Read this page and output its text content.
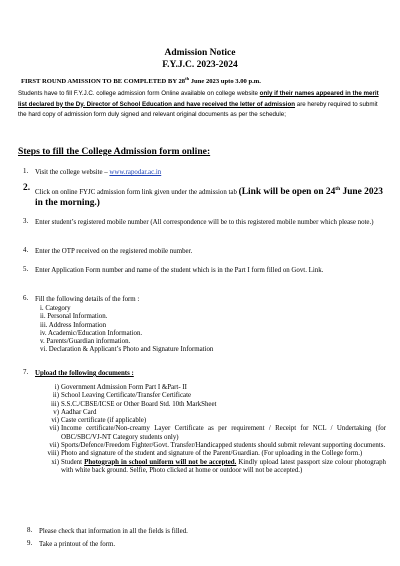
Admission Notice
F.Y.J.C. 2023-2024
FIRST ROUND AMISSION TO BE COMPLETED BY 28th June 2023 upto 3.00 p.m.
Students have to fill F.Y.J.C. college admission form Online available on college website only if their names appeared in the merit list declared by the Dy. Director of School Education and have received the letter of admission are hereby required to submit the hard copy of admission form duly signed and relevant original documents as per the schedule;
Steps to fill the College Admission form online:
1. Visit the college website – www.rapodar.ac.in
2. Click on online FYJC admission form link given under the admission tab (Link will be open on 24th June 2023 in the morning.)
3. Enter student’s registered mobile number (All correspondence will be to this registered mobile number which please note.)
4. Enter the OTP received on the registered mobile number.
5. Enter Application Form number and name of the student which is in the Part I form filled on Govt. Link.
6. Fill the following details of the form :
i. Category
ii. Personal Information.
iii. Address Information
iv. Academic/Education Information.
v. Parents/Guardian information.
vi. Declaration & Applicant’s Photo and Signature Information
7. Upload the following documents :
i) Government Admission Form Part I &Part- II
ii) School Leaving Certificate/Transfer Certificate
iii) S.S.C./CBSE/ICSE or Other Board Std. 10th MarkSheet
v) Aadhar Card
vi) Caste certificate (if applicable)
vii) Income certificate/Non-creamy Layer Certificate as per requirement / Receipt for NCL / Undertaking (for OBC/SBC/VJ-NT Category students only)
vii) Sports/Defence/Freedom Fighter/Govt. Transfer/Handicapped students should submit relevant supporting documents.
viii) Photo and signature of the student and signature of the Parent/Guardian. (For uploading in the College form.)
xi) Student Photograph in school uniform will not be accepted. Kindly upload latest passport size colour photograph with white back ground. Selfie, Photo clicked at home or outdoor will not be accepted.)
8. Please check that information in all the fields is filled.
9. Take a printout of the form.
